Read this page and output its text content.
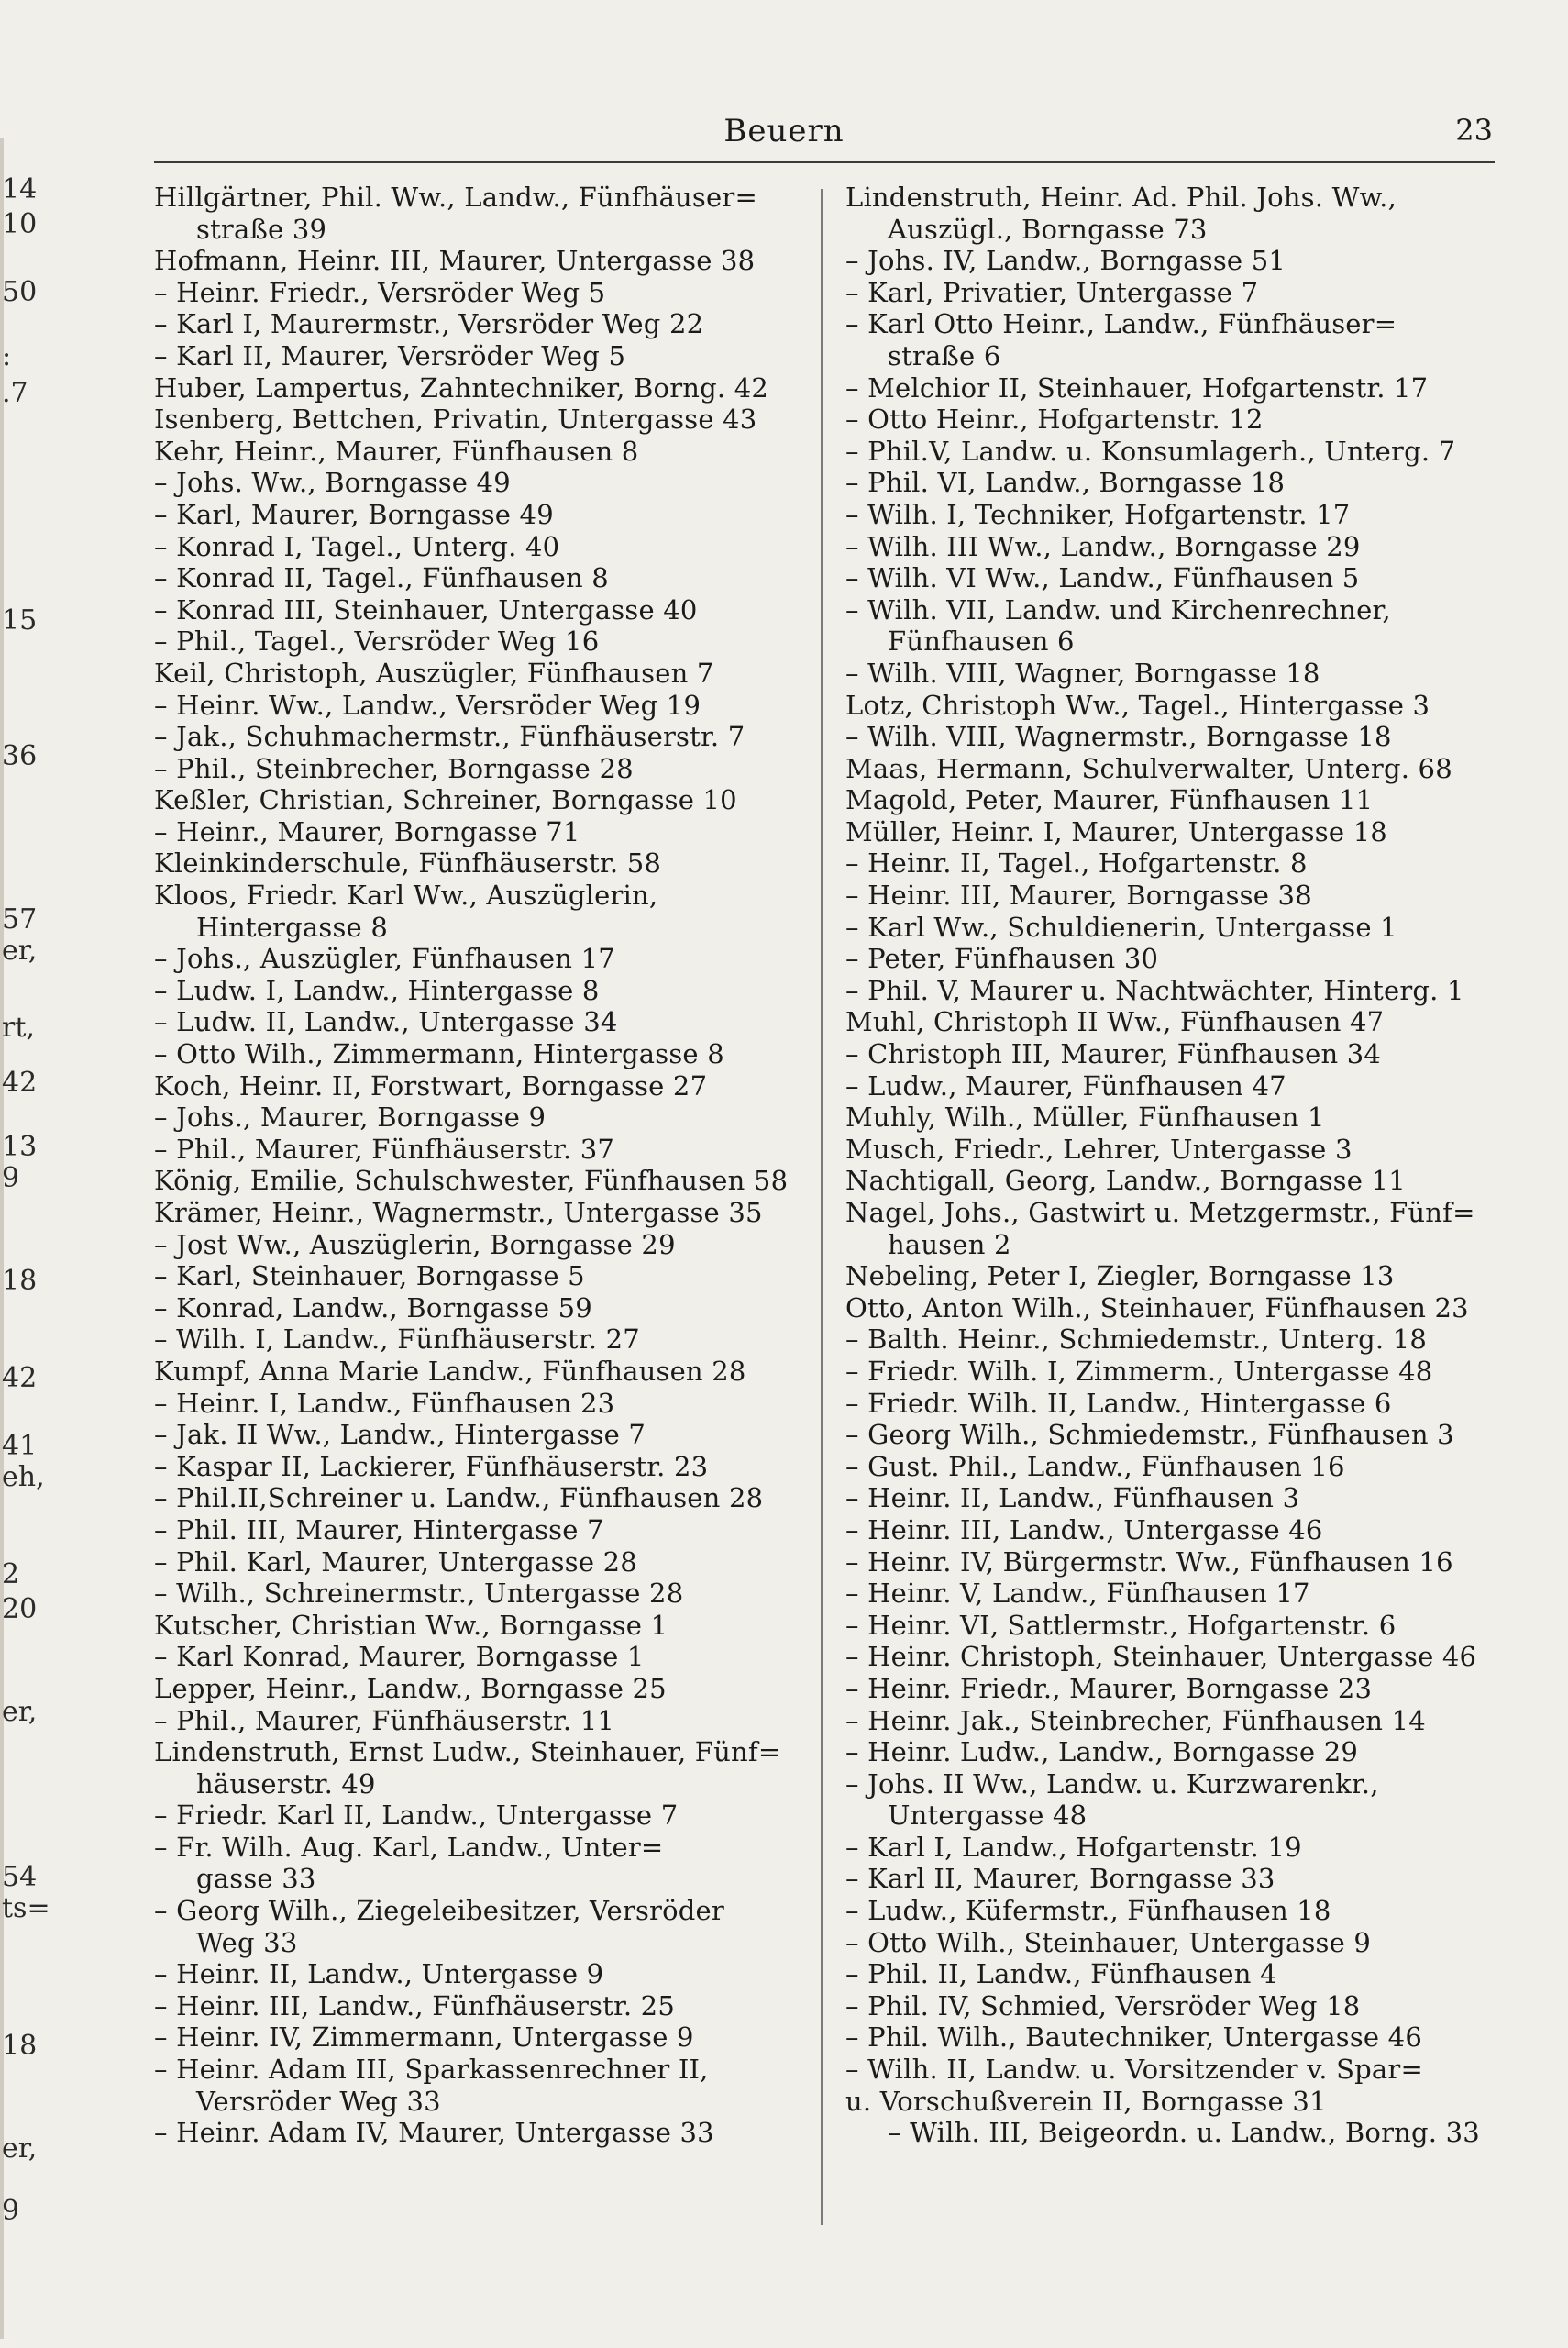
14
10
50
:
.7
15
36
57
er,
rt,
42
13
9
18
42
41
eh,
2
20
er,
54
ts=
18
er,
9
Beuern	23
Hillgärtner, Phil. Ww., Landw., Fünfhäuser=
straße 39
Hofmann, Heinr. III, Maurer, Untergasse 38
– Heinr. Friedr., Versröder Weg 5
– Karl I, Maurermstr., Versröder Weg 22
– Karl II, Maurer, Versröder Weg 5
Huber, Lampertus, Zahntechniker, Borng. 42
Isenberg, Bettchen, Privatin, Untergasse 43
Kehr, Heinr., Maurer, Fünfhausen 8
– Johs. Ww., Borngasse 49
– Karl, Maurer, Borngasse 49
– Konrad I, Tagel., Unterg. 40
– Konrad II, Tagel., Fünfhausen 8
– Konrad III, Steinhauer, Untergasse 40
– Phil., Tagel., Versröder Weg 16
Keil, Christoph, Auszügler, Fünfhausen 7
– Heinr. Ww., Landw., Versröder Weg 19
– Jak., Schuhmachermstr., Fünfhäuserstr. 7
– Phil., Steinbrecher, Borngasse 28
Keßler, Christian, Schreiner, Borngasse 10
– Heinr., Maurer, Borngasse 71
Kleinkinderschule, Fünfhäuserstr. 58
Kloos, Friedr. Karl Ww., Auszüglerin,
Hintergasse 8
– Johs., Auszügler, Fünfhausen 17
– Ludw. I, Landw., Hintergasse 8
– Ludw. II, Landw., Untergasse 34
– Otto Wilh., Zimmermann, Hintergasse 8
Koch, Heinr. II, Forstwart, Borngasse 27
– Johs., Maurer, Borngasse 9
– Phil., Maurer, Fünfhäuserstr. 37
König, Emilie, Schulschwester, Fünfhausen 58
Krämer, Heinr., Wagnermstr., Untergasse 35
– Jost Ww., Auszüglerin, Borngasse 29
– Karl, Steinhauer, Borngasse 5
– Konrad, Landw., Borngasse 59
– Wilh. I, Landw., Fünfhäuserstr. 27
Kumpf, Anna Marie Landw., Fünfhausen 28
– Heinr. I, Landw., Fünfhausen 23
– Jak. II Ww., Landw., Hintergasse 7
– Kaspar II, Lackierer, Fünfhäuserstr. 23
– Phil.II,Schreiner u. Landw., Fünfhausen 28
– Phil. III, Maurer, Hintergasse 7
– Phil. Karl, Maurer, Untergasse 28
– Wilh., Schreinermstr., Untergasse 28
Kutscher, Christian Ww., Borngasse 1
– Karl Konrad, Maurer, Borngasse 1
Lepper, Heinr., Landw., Borngasse 25
– Phil., Maurer, Fünfhäuserstr. 11
Lindenstruth, Ernst Ludw., Steinhauer, Fünf=
häuserstr. 49
– Friedr. Karl II, Landw., Untergasse 7
– Fr. Wilh. Aug. Karl, Landw., Unter=
gasse 33
– Georg Wilh., Ziegeleibesitzer, Versröder
Weg 33
– Heinr. II, Landw., Untergasse 9
– Heinr. III, Landw., Fünfhäuserstr. 25
– Heinr. IV, Zimmermann, Untergasse 9
– Heinr. Adam III, Sparkassenrechner II,
Versröder Weg 33
– Heinr. Adam IV, Maurer, Untergasse 33
Lindenstruth, Heinr. Ad. Phil. Johs. Ww.,
Auszügl., Borngasse 73
– Johs. IV, Landw., Borngasse 51
– Karl, Privatier, Untergasse 7
– Karl Otto Heinr., Landw., Fünfhäuser=
straße 6
– Melchior II, Steinhauer, Hofgartenstr. 17
– Otto Heinr., Hofgartenstr. 12
– Phil.V, Landw. u. Konsumlagerh., Unterg. 7
– Phil. VI, Landw., Borngasse 18
– Wilh. I, Techniker, Hofgartenstr. 17
– Wilh. III Ww., Landw., Borngasse 29
– Wilh. VI Ww., Landw., Fünfhausen 5
– Wilh. VII, Landw. und Kirchenrechner,
Fünfhausen 6
– Wilh. VIII, Wagner, Borngasse 18
Lotz, Christoph Ww., Tagel., Hintergasse 3
– Wilh. VIII, Wagnermstr., Borngasse 18
Maas, Hermann, Schulverwalter, Unterg. 68
Magold, Peter, Maurer, Fünfhausen 11
Müller, Heinr. I, Maurer, Untergasse 18
– Heinr. II, Tagel., Hofgartenstr. 8
– Heinr. III, Maurer, Borngasse 38
– Karl Ww., Schuldienerin, Untergasse 1
– Peter, Fünfhausen 30
– Phil. V, Maurer u. Nachtwächter, Hinterg. 1
Muhl, Christoph II Ww., Fünfhausen 47
– Christoph III, Maurer, Fünfhausen 34
– Ludw., Maurer, Fünfhausen 47
Muhly, Wilh., Müller, Fünfhausen 1
Musch, Friedr., Lehrer, Untergasse 3
Nachtigall, Georg, Landw., Borngasse 11
Nagel, Johs., Gastwirt u. Metzgermstr., Fünf=
hausen 2
Nebeling, Peter I, Ziegler, Borngasse 13
Otto, Anton Wilh., Steinhauer, Fünfhausen 23
– Balth. Heinr., Schmiedemstr., Unterg. 18
– Friedr. Wilh. I, Zimmerm., Untergasse 48
– Friedr. Wilh. II, Landw., Hintergasse 6
– Georg Wilh., Schmiedemstr., Fünfhausen 3
– Gust. Phil., Landw., Fünfhausen 16
– Heinr. II, Landw., Fünfhausen 3
– Heinr. III, Landw., Untergasse 46
– Heinr. IV, Bürgermstr. Ww., Fünfhausen 16
– Heinr. V, Landw., Fünfhausen 17
– Heinr. VI, Sattlermstr., Hofgartenstr. 6
– Heinr. Christoph, Steinhauer, Untergasse 46
– Heinr. Friedr., Maurer, Borngasse 23
– Heinr. Jak., Steinbrecher, Fünfhausen 14
– Heinr. Ludw., Landw., Borngasse 29
– Johs. II Ww., Landw. u. Kurzwarenkr.,
Untergasse 48
– Karl I, Landw., Hofgartenstr. 19
– Karl II, Maurer, Borngasse 33
– Ludw., Küfermstr., Fünfhausen 18
– Otto Wilh., Steinhauer, Untergasse 9
– Phil. II, Landw., Fünfhausen 4
– Phil. IV, Schmied, Versröder Weg 18
– Phil. Wilh., Bautechniker, Untergasse 46
– Wilh. II, Landw. u. Vorsitzender v. Spar=
u. Vorschußverein II, Borngasse 31
– Wilh. III, Beigeordn. u. Landw., Borng. 33
